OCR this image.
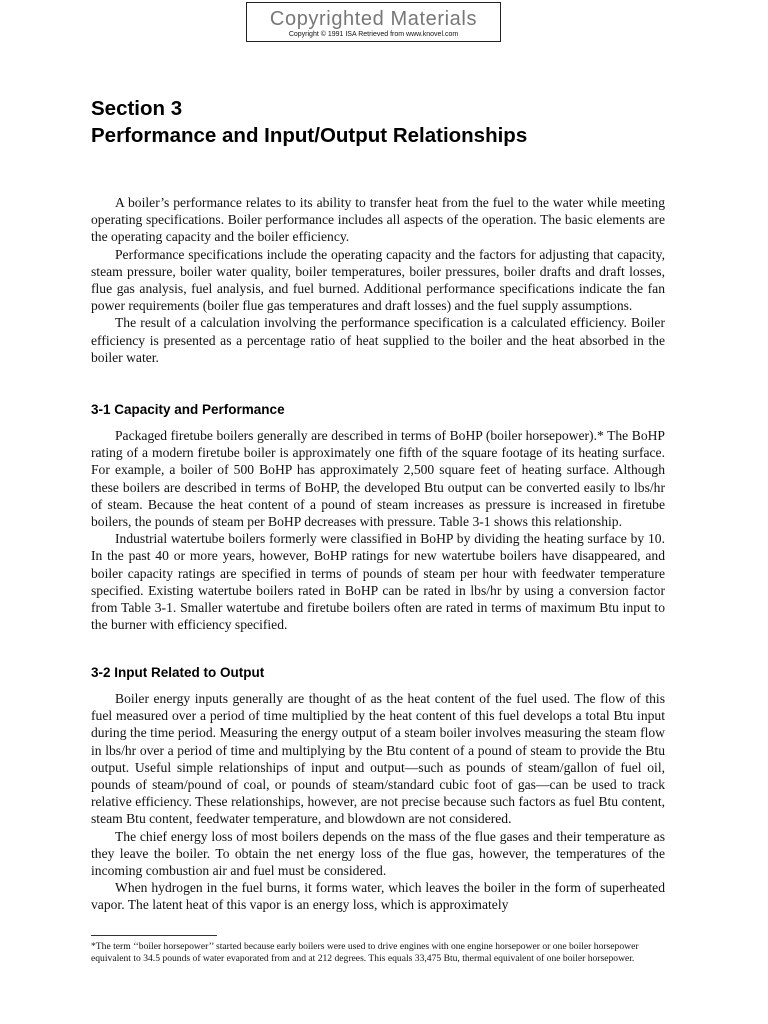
Copyrighted Materials
Copyright © 1991 ISA Retrieved from www.knovel.com
Section 3
Performance and Input/Output Relationships

A boiler’s performance relates to its ability to transfer heat from the fuel to the water while meeting operating specifications. Boiler performance includes all aspects of the operation. The basic elements are the operating capacity and the boiler efficiency.

Performance specifications include the operating capacity and the factors for adjusting that capacity, steam pressure, boiler water quality, boiler temperatures, boiler pressures, boiler drafts and draft losses, flue gas analysis, fuel analysis, and fuel burned. Additional performance specifications indicate the fan power requirements (boiler flue gas temperatures and draft losses) and the fuel supply assumptions.

The result of a calculation involving the performance specification is a calculated efficiency. Boiler efficiency is presented as a percentage ratio of heat supplied to the boiler and the heat absorbed in the boiler water.

3-1 Capacity and Performance

Packaged firetube boilers generally are described in terms of BoHP (boiler horsepower).* The BoHP rating of a modern firetube boiler is approximately one fifth of the square footage of its heating surface. For example, a boiler of 500 BoHP has approximately 2,500 square feet of heating surface. Although these boilers are described in terms of BoHP, the developed Btu output can be converted easily to lbs/hr of steam. Because the heat content of a pound of steam increases as pressure is increased in firetube boilers, the pounds of steam per BoHP decreases with pressure. Table 3-1 shows this relationship.

Industrial watertube boilers formerly were classified in BoHP by dividing the heating surface by 10. In the past 40 or more years, however, BoHP ratings for new watertube boilers have disappeared, and boiler capacity ratings are specified in terms of pounds of steam per hour with feedwater temperature specified. Existing watertube boilers rated in BoHP can be rated in lbs/hr by using a conversion factor from Table 3-1. Smaller watertube and firetube boilers often are rated in terms of maximum Btu input to the burner with efficiency specified.

3-2 Input Related to Output

Boiler energy inputs generally are thought of as the heat content of the fuel used. The flow of this fuel measured over a period of time multiplied by the heat content of this fuel develops a total Btu input during the time period. Measuring the energy output of a steam boiler involves measuring the steam flow in lbs/hr over a period of time and multiplying by the Btu content of a pound of steam to provide the Btu output. Useful simple relationships of input and output—such as pounds of steam/gallon of fuel oil, pounds of steam/pound of coal, or pounds of steam/standard cubic foot of gas—can be used to track relative efficiency. These relationships, however, are not precise because such factors as fuel Btu content, steam Btu content, feedwater temperature, and blowdown are not considered.

The chief energy loss of most boilers depends on the mass of the flue gases and their temperature as they leave the boiler. To obtain the net energy loss of the flue gas, however, the temperatures of the incoming combustion air and fuel must be considered.

When hydrogen in the fuel burns, it forms water, which leaves the boiler in the form of superheated vapor. The latent heat of this vapor is an energy loss, which is approximately

*The term ‘‘boiler horsepower’’ started because early boilers were used to drive engines with one engine horsepower or one boiler horsepower equivalent to 34.5 pounds of water evaporated from and at 212 degrees. This equals 33,475 Btu, thermal equivalent of one boiler horsepower.
